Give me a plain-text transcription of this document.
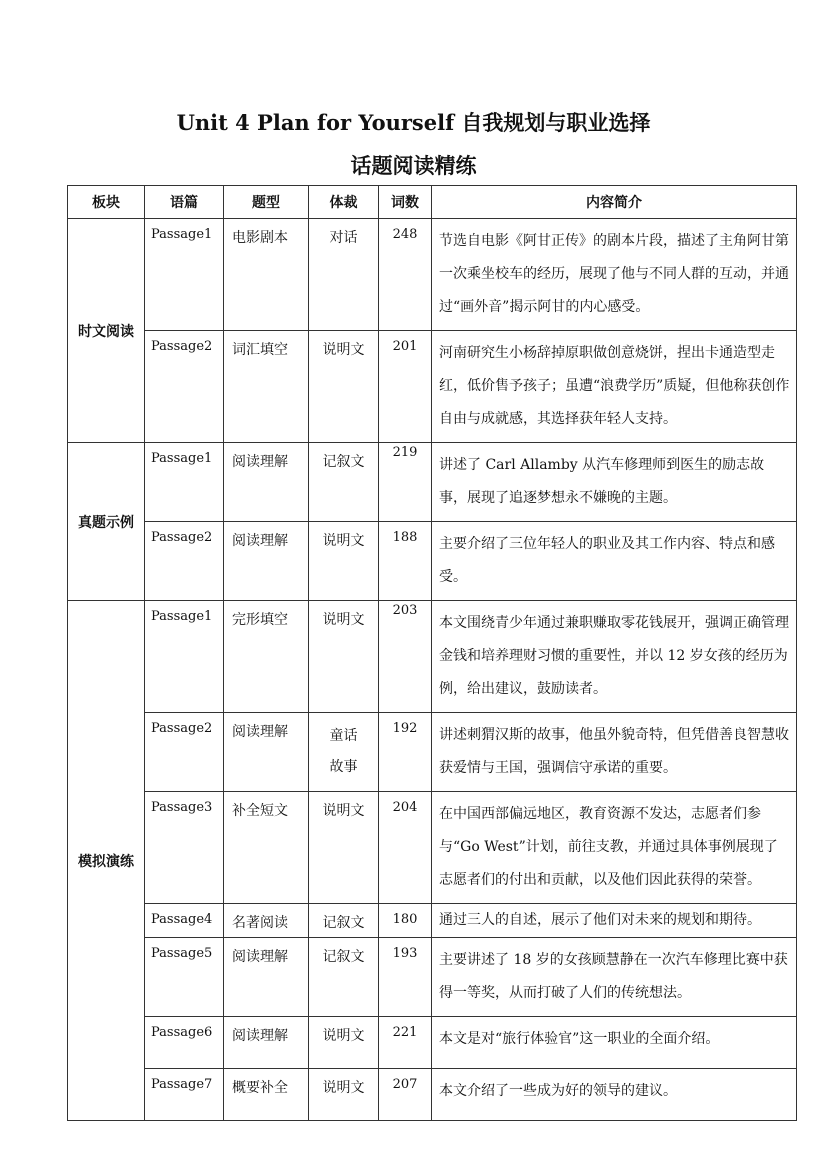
Unit 4 Plan for Yourself 自我规划与职业选择
话题阅读精练
板块	语篇	题型	体裁	词数	内容简介
时文阅读	Passage1	电影剧本	对话	248	节选自电影《阿甘正传》的剧本片段，描述了主角阿甘第一次乘坐校车的经历，展现了他与不同人群的互动，并通过“画外音”揭示阿甘的内心感受。
	Passage2	词汇填空	说明文	201	河南研究生小杨辞掉原职做创意烧饼，捏出卡通造型走红，低价售予孩子；虽遭“浪费学历”质疑，但他称获创作自由与成就感，其选择获年轻人支持。
真题示例	Passage1	阅读理解	记叙文	219	讲述了 Carl Allamby 从汽车修理师到医生的励志故事，展现了追逐梦想永不嫌晚的主题。
	Passage2	阅读理解	说明文	188	主要介绍了三位年轻人的职业及其工作内容、特点和感受。
模拟演练	Passage1	完形填空	说明文	203	本文围绕青少年通过兼职赚取零花钱展开，强调正确管理金钱和培养理财习惯的重要性，并以 12 岁女孩的经历为例，给出建议，鼓励读者。
	Passage2	阅读理解	童话故事	192	讲述刺猬汉斯的故事，他虽外貌奇特，但凭借善良智慧收获爱情与王国，强调信守承诺的重要。
	Passage3	补全短文	说明文	204	在中国西部偏远地区，教育资源不发达，志愿者们参与“Go West”计划，前往支教，并通过具体事例展现了志愿者们的付出和贡献，以及他们因此获得的荣誉。
	Passage4	名著阅读	记叙文	180	通过三人的自述，展示了他们对未来的规划和期待。
	Passage5	阅读理解	记叙文	193	主要讲述了 18 岁的女孩顾慧静在一次汽车修理比赛中获得一等奖，从而打破了人们的传统想法。
	Passage6	阅读理解	说明文	221	本文是对“旅行体验官”这一职业的全面介绍。
	Passage7	概要补全	说明文	207	本文介绍了一些成为好的领导的建议。
